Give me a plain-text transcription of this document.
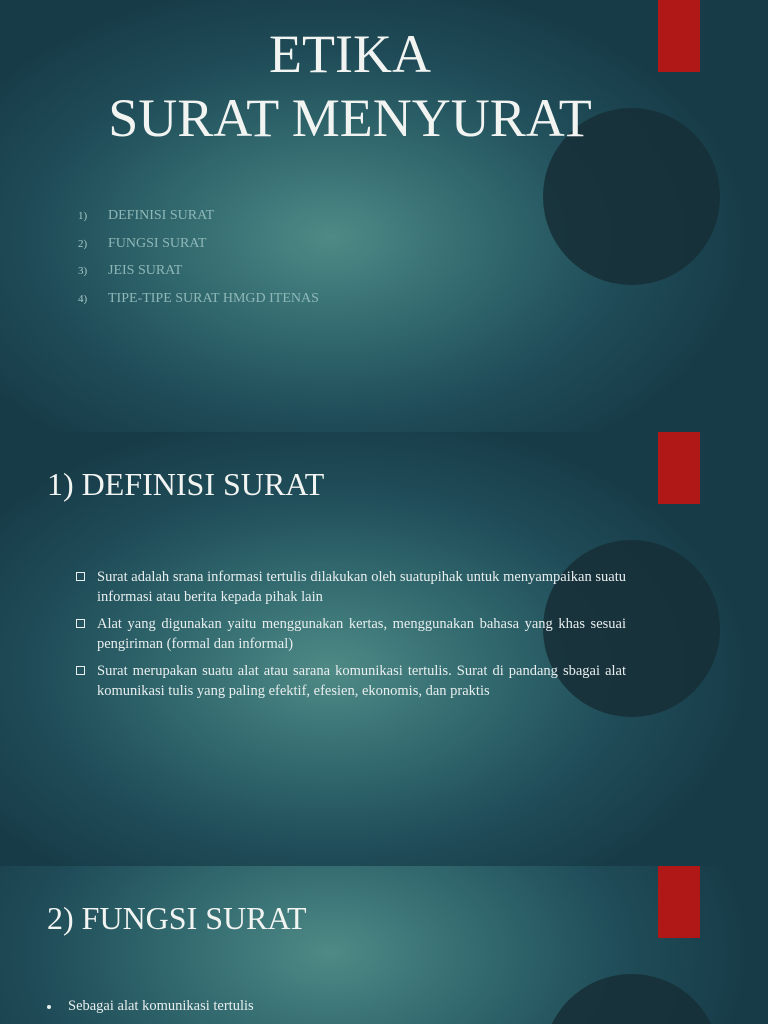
ETIKA
SURAT MENYURAT
1) DEFINISI SURAT
2) FUNGSI SURAT
3) JEIS SURAT
4) TIPE-TIPE SURAT HMGD ITENAS
1) DEFINISI SURAT
Surat adalah srana informasi tertulis dilakukan oleh suatupihak untuk menyampaikan suatu informasi atau berita kepada pihak lain
Alat yang digunakan yaitu menggunakan kertas, menggunakan bahasa yang khas sesuai pengiriman (formal dan informal)
Surat merupakan suatu alat atau sarana komunikasi tertulis. Surat di pandang sbagai alat komunikasi tulis yang paling efektif, efesien, ekonomis, dan praktis
2) FUNGSI SURAT
Sebagai alat komunikasi tertulis
